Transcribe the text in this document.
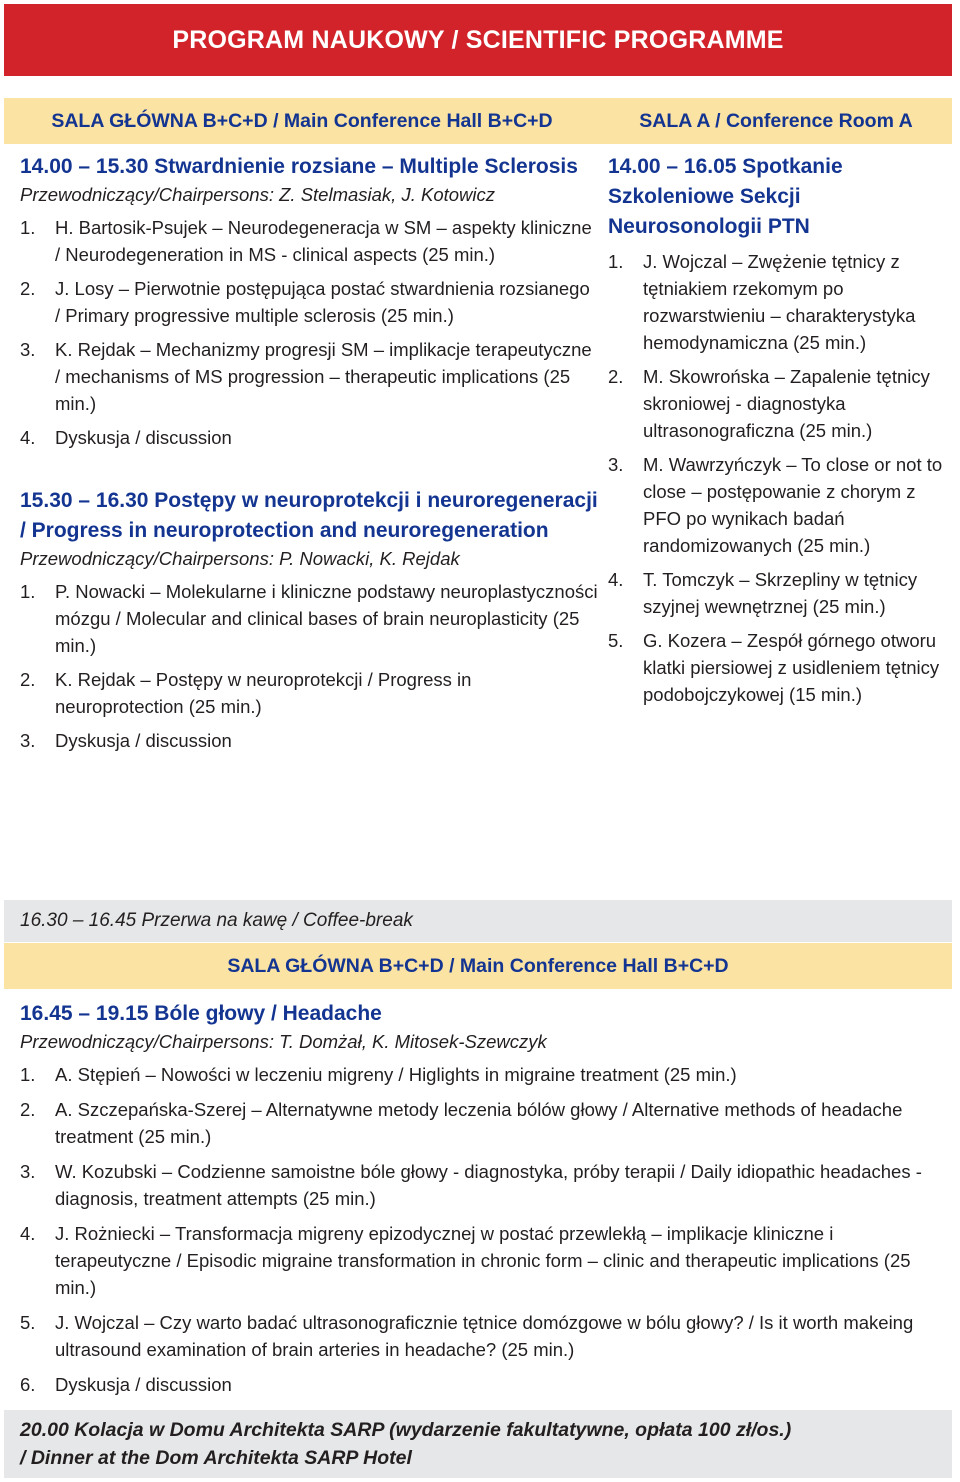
PROGRAM NAUKOWY / SCIENTIFIC PROGRAMME
SALA GŁÓWNA B+C+D / Main Conference Hall B+C+D	SALA A / Conference Room A
14.00 – 15.30 Stwardnienie rozsiane – Multiple Sclerosis
Przewodniczący/Chairpersons: Z. Stelmasiak, J. Kotowicz
1.	H. Bartosik-Psujek – Neurodegeneracja w SM – aspekty kliniczne / Neurodegeneration in MS - clinical aspects (25 min.)
2.	J. Losy – Pierwotnie postępująca postać stwardnienia rozsianego / Primary progressive multiple sclerosis (25 min.)
3.	K. Rejdak – Mechanizmy progresji SM – implikacje terapeutyczne / mechanisms of MS progression – therapeutic implications (25 min.)
4.	Dyskusja / discussion
15.30 – 16.30 Postępy w neuroprotekcji i neuroregeneracji / Progress in neuroprotection and neuroregeneration
Przewodniczący/Chairpersons: P. Nowacki, K. Rejdak
1.	P. Nowacki – Molekularne i kliniczne podstawy neuroplastyczności mózgu / Molecular and clinical bases of brain neuroplasticity (25 min.)
2.	K. Rejdak – Postępy w neuroprotekcji / Progress in neuroprotection (25 min.)
3.	Dyskusja / discussion
14.00 – 16.05 Spotkanie Szkoleniowe Sekcji Neurosonologii PTN
1.	J. Wojczal – Zwężenie tętnicy z tętniakiem rzekomym po rozwarstwieniu – charakterystyka hemodynamiczna (25 min.)
2.	M. Skowrońska – Zapalenie tętnicy skroniowej - diagnostyka ultrasonograficzna (25 min.)
3.	M. Wawrzyńczyk – To close or not to close – postępowanie z chorym z PFO po wynikach badań randomizowanych (25 min.)
4.	T. Tomczyk – Skrzepliny w tętnicy szyjnej wewnętrznej (25 min.)
5.	G. Kozera – Zespół górnego otworu klatki piersiowej z usidleniem tętnicy podobojczykowej (15 min.)
16.30 – 16.45 Przerwa na kawę / Coffee-break
SALA GŁÓWNA B+C+D / Main Conference Hall B+C+D
16.45 – 19.15 Bóle głowy / Headache
Przewodniczący/Chairpersons: T. Domżał, K. Mitosek-Szewczyk
1.	A. Stępień – Nowości w leczeniu migreny / Higlights in migraine treatment (25 min.)
2.	A. Szczepańska-Szerej – Alternatywne metody leczenia bólów głowy / Alternative methods of headache treatment (25 min.)
3.	W. Kozubski – Codzienne samoistne bóle głowy - diagnostyka, próby terapii / Daily idiopathic headaches - diagnosis, treatment attempts (25 min.)
4.	J. Rożniecki – Transformacja migreny epizodycznej w postać przewlekłą – implikacje kliniczne i terapeutyczne / Episodic migraine transformation in chronic form – clinic and therapeutic implications (25 min.)
5.	J. Wojczal – Czy warto badać ultrasonograficznie tętnice domózgowe w bólu głowy? / Is it worth makeing ultrasound examination of brain arteries in headache? (25 min.)
6.	Dyskusja / discussion
20.00 Kolacja w Domu Architekta SARP (wydarzenie fakultatywne, opłata 100 zł/os.)
/ Dinner at the Dom Architekta SARP Hotel
